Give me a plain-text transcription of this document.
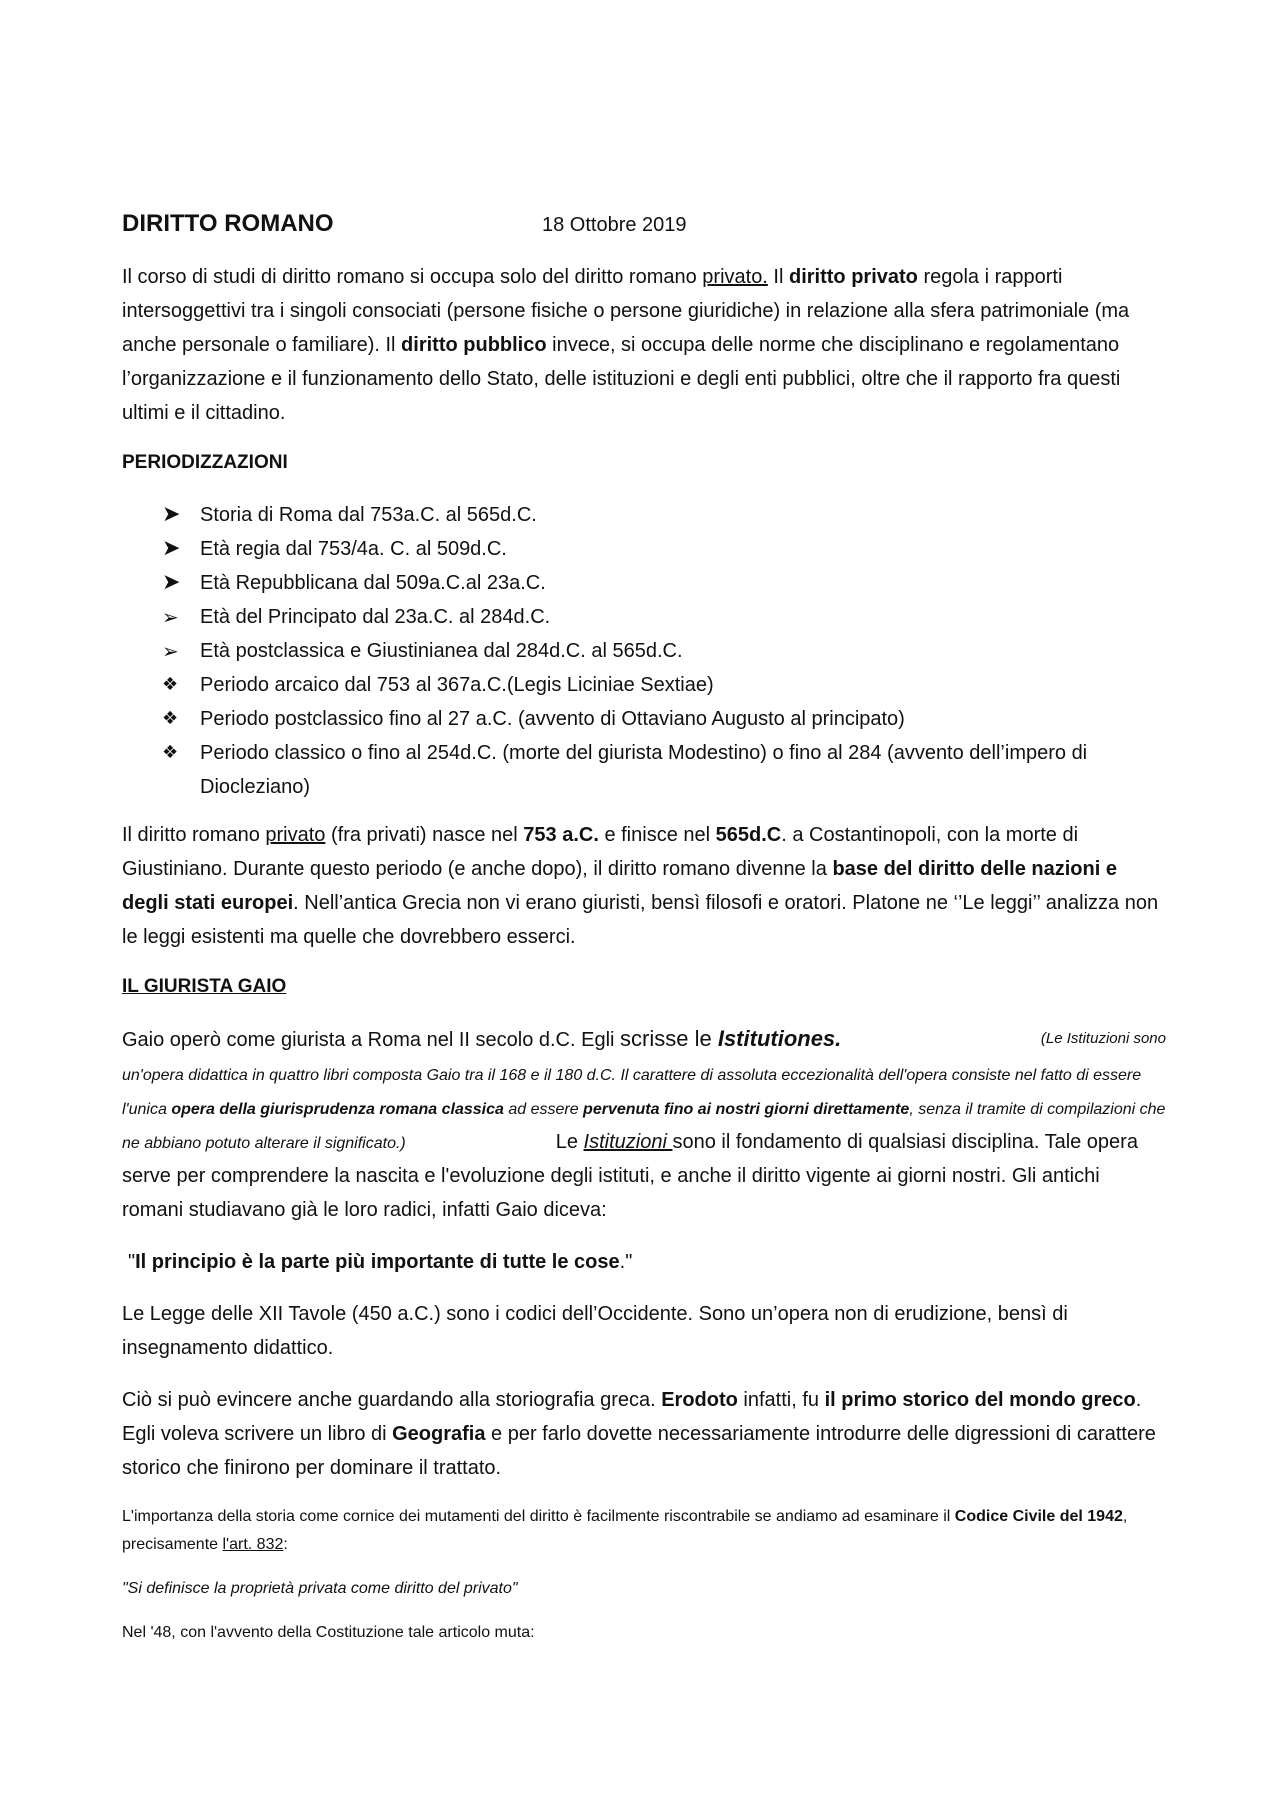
DIRITTO ROMANO	18 Ottobre 2019

Il corso di studi di diritto romano si occupa solo del diritto romano privato. Il diritto privato regola i rapporti intersoggettivi tra i singoli consociati (persone fisiche o persone giuridiche) in relazione alla sfera patrimoniale (ma anche personale o familiare). Il diritto pubblico invece, si occupa delle norme che disciplinano e regolamentano l’organizzazione e il funzionamento dello Stato, delle istituzioni e degli enti pubblici, oltre che il rapporto fra questi ultimi e il cittadino.

PERIODIZZAZIONI
➤ Storia di Roma dal 753a.C. al 565d.C.
➤ Età regia dal 753/4a. C. al 509d.C.
➤ Età Repubblicana dal 509a.C.al 23a.C.
➢	Età del Principato dal 23a.C. al 284d.C.
➢	Età postclassica e Giustinianea dal 284d.C. al 565d.C.
❖	Periodo arcaico dal 753 al 367a.C.(Legis Liciniae Sextiae)
❖	Periodo postclassico fino al 27 a.C. (avvento di Ottaviano Augusto al principato)
❖	Periodo classico o fino al 254d.C. (morte del giurista Modestino) o fino al 284 (avvento dell’impero di Diocleziano)

Il diritto romano privato (fra privati) nasce nel 753 a.C. e finisce nel 565d.C. a Costantinopoli, con la morte di Giustiniano. Durante questo periodo (e anche dopo), il diritto romano divenne la base del diritto delle nazioni e degli stati europei. Nell’antica Grecia non vi erano giuristi, bensì filosofi e oratori. Platone ne ‘’Le leggi’’ analizza non le leggi esistenti ma quelle che dovrebbero esserci.

IL GIURISTA GAIO

(Le Istituzioni sono
Gaio operò come giurista a Roma nel II secolo d.C. Egli scrisse le Istitutiones.
un'opera didattica in quattro libri composta Gaio tra il 168 e il 180 d.C. Il carattere di assoluta eccezionalità dell'opera consiste nel fatto di essere l'unica opera della giurisprudenza romana classica ad essere pervenuta fino ai nostri giorni direttamente, senza il tramite di compilazioni che ne abbiano potuto alterare il significato.)	Le Istituzioni sono il fondamento di qualsiasi disciplina. Tale opera serve per comprendere la nascita e l'evoluzione degli istituti, e anche il diritto vigente ai giorni nostri. Gli antichi romani studiavano già le loro radici, infatti Gaio diceva:

"Il principio è la parte più importante di tutte le cose."

Le Legge delle XII Tavole (450 a.C.) sono i codici dell’Occidente. Sono un’opera non di erudizione, bensì di insegnamento didattico.

Ciò si può evincere anche guardando alla storiografia greca. Erodoto infatti, fu il primo storico del mondo greco. Egli voleva scrivere un libro di Geografia e per farlo dovette necessariamente introdurre delle digressioni di carattere storico che finirono per dominare il trattato.

L'importanza della storia come cornice dei mutamenti del diritto è facilmente riscontrabile se andiamo ad esaminare il Codice Civile del 1942, precisamente l'art. 832:

"Si definisce la proprietà privata come diritto del privato"

Nel '48, con l'avvento della Costituzione tale articolo muta:
